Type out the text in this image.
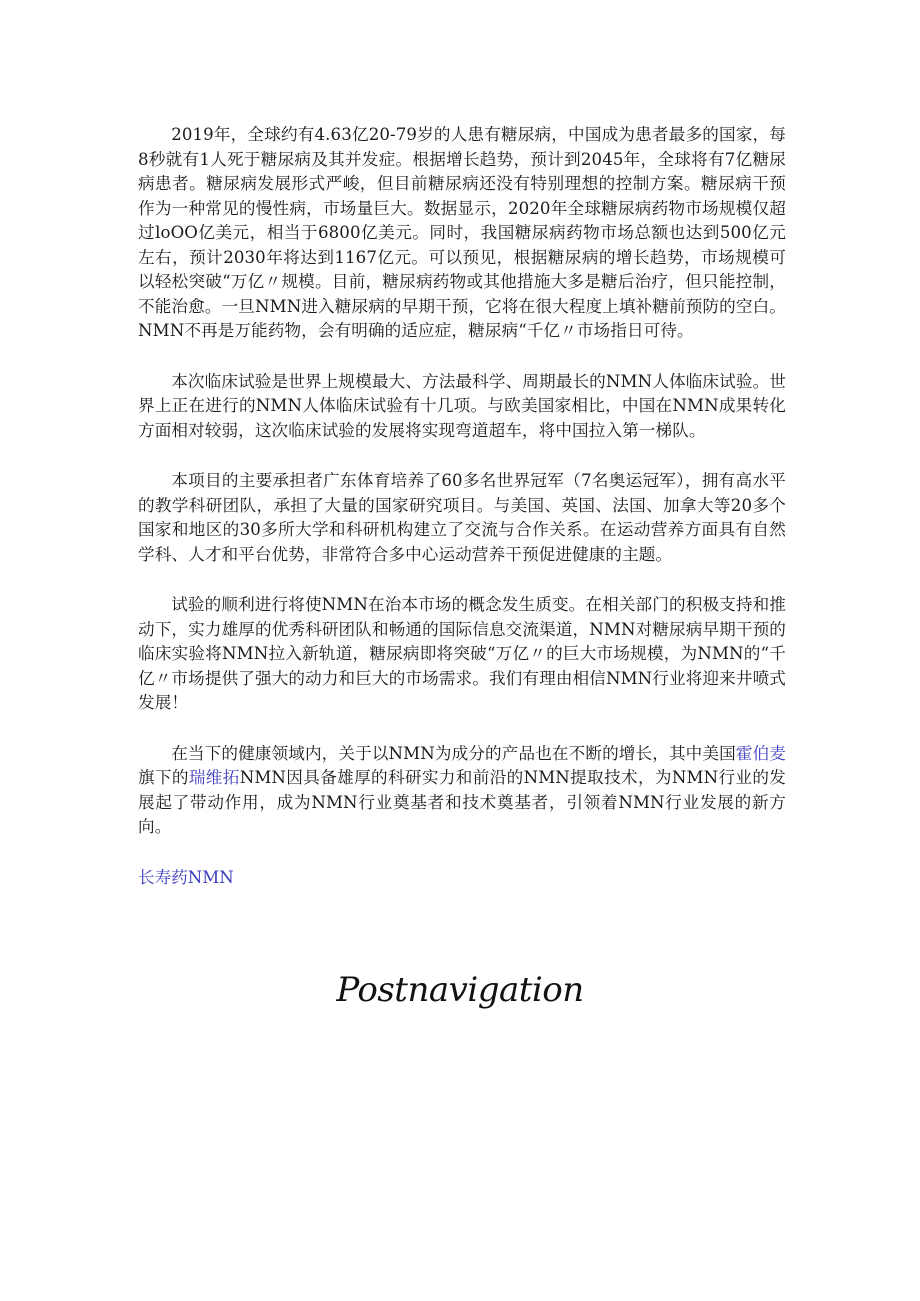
2019年，全球约有4.63亿20-79岁的人患有糖尿病，中国成为患者最多的国家，每8秒就有1人死于糖尿病及其并发症。根据增长趋势，预计到2045年，全球将有7亿糖尿病患者。糖尿病发展形式严峻，但目前糖尿病还没有特别理想的控制方案。糖尿病干预作为一种常见的慢性病，市场量巨大。数据显示，2020年全球糖尿病药物市场规模仅超过loOO亿美元，相当于6800亿美元。同时，我国糖尿病药物市场总额也达到500亿元左右，预计2030年将达到1167亿元。可以预见，根据糖尿病的增长趋势，市场规模可以轻松突破“万亿〃规模。目前，糖尿病药物或其他措施大多是糖后治疗，但只能控制，不能治愈。一旦NMN进入糖尿病的早期干预，它将在很大程度上填补糖前预防的空白。NMN不再是万能药物，会有明确的适应症，糖尿病“千亿〃市场指日可待。

本次临床试验是世界上规模最大、方法最科学、周期最长的NMN人体临床试验。世界上正在进行的NMN人体临床试验有十几项。与欧美国家相比，中国在NMN成果转化方面相对较弱，这次临床试验的发展将实现弯道超车，将中国拉入第一梯队。

本项目的主要承担者广东体育培养了60多名世界冠军（7名奥运冠军），拥有高水平的教学科研团队，承担了大量的国家研究项目。与美国、英国、法国、加拿大等20多个国家和地区的30多所大学和科研机构建立了交流与合作关系。在运动营养方面具有自然学科、人才和平台优势，非常符合多中心运动营养干预促进健康的主题。

试验的顺利进行将使NMN在治本市场的概念发生质变。在相关部门的积极支持和推动下，实力雄厚的优秀科研团队和畅通的国际信息交流渠道，NMN对糖尿病早期干预的临床实验将NMN拉入新轨道，糖尿病即将突破“万亿〃的巨大市场规模，为NMN的“千亿〃市场提供了强大的动力和巨大的市场需求。我们有理由相信NMN行业将迎来井喷式发展！

在当下的健康领域内，关于以NMN为成分的产品也在不断的增长，其中美国霍伯麦旗下的瑞维拓NMN因具备雄厚的科研实力和前沿的NMN提取技术，为NMN行业的发展起了带动作用，成为NMN行业奠基者和技术奠基者，引领着NMN行业发展的新方向。

长寿药NMN
Postnavigation
